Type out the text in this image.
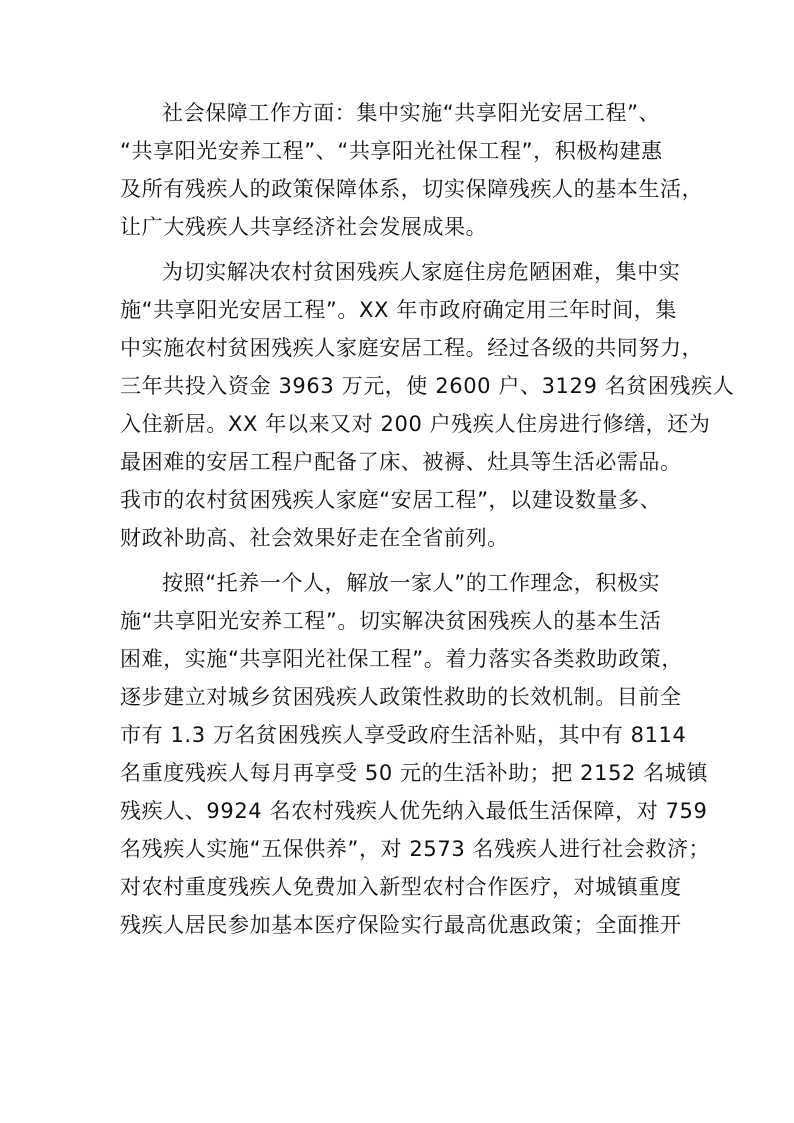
社会保障工作方面：集中实施“共享阳光安居工程”、
“共享阳光安养工程”、“共享阳光社保工程”，积极构建惠
及所有残疾人的政策保障体系，切实保障残疾人的基本生活，
让广大残疾人共享经济社会发展成果。
为切实解决农村贫困残疾人家庭住房危陋困难，集中实
施“共享阳光安居工程”。XX 年市政府确定用三年时间，集
中实施农村贫困残疾人家庭安居工程。经过各级的共同努力，
三年共投入资金 3963 万元，使 2600 户、3129 名贫困残疾人
入住新居。XX 年以来又对 200 户残疾人住房进行修缮，还为
最困难的安居工程户配备了床、被褥、灶具等生活必需品。
我市的农村贫困残疾人家庭“安居工程”，以建设数量多、
财政补助高、社会效果好走在全省前列。
按照“托养一个人，解放一家人”的工作理念，积极实
施“共享阳光安养工程”。切实解决贫困残疾人的基本生活
困难，实施“共享阳光社保工程”。着力落实各类救助政策，
逐步建立对城乡贫困残疾人政策性救助的长效机制。目前全
市有 1.3 万名贫困残疾人享受政府生活补贴，其中有 8114
名重度残疾人每月再享受 50 元的生活补助；把 2152 名城镇
残疾人、9924 名农村残疾人优先纳入最低生活保障，对 759
名残疾人实施“五保供养”，对 2573 名残疾人进行社会救济；
对农村重度残疾人免费加入新型农村合作医疗，对城镇重度
残疾人居民参加基本医疗保险实行最高优惠政策；全面推开
